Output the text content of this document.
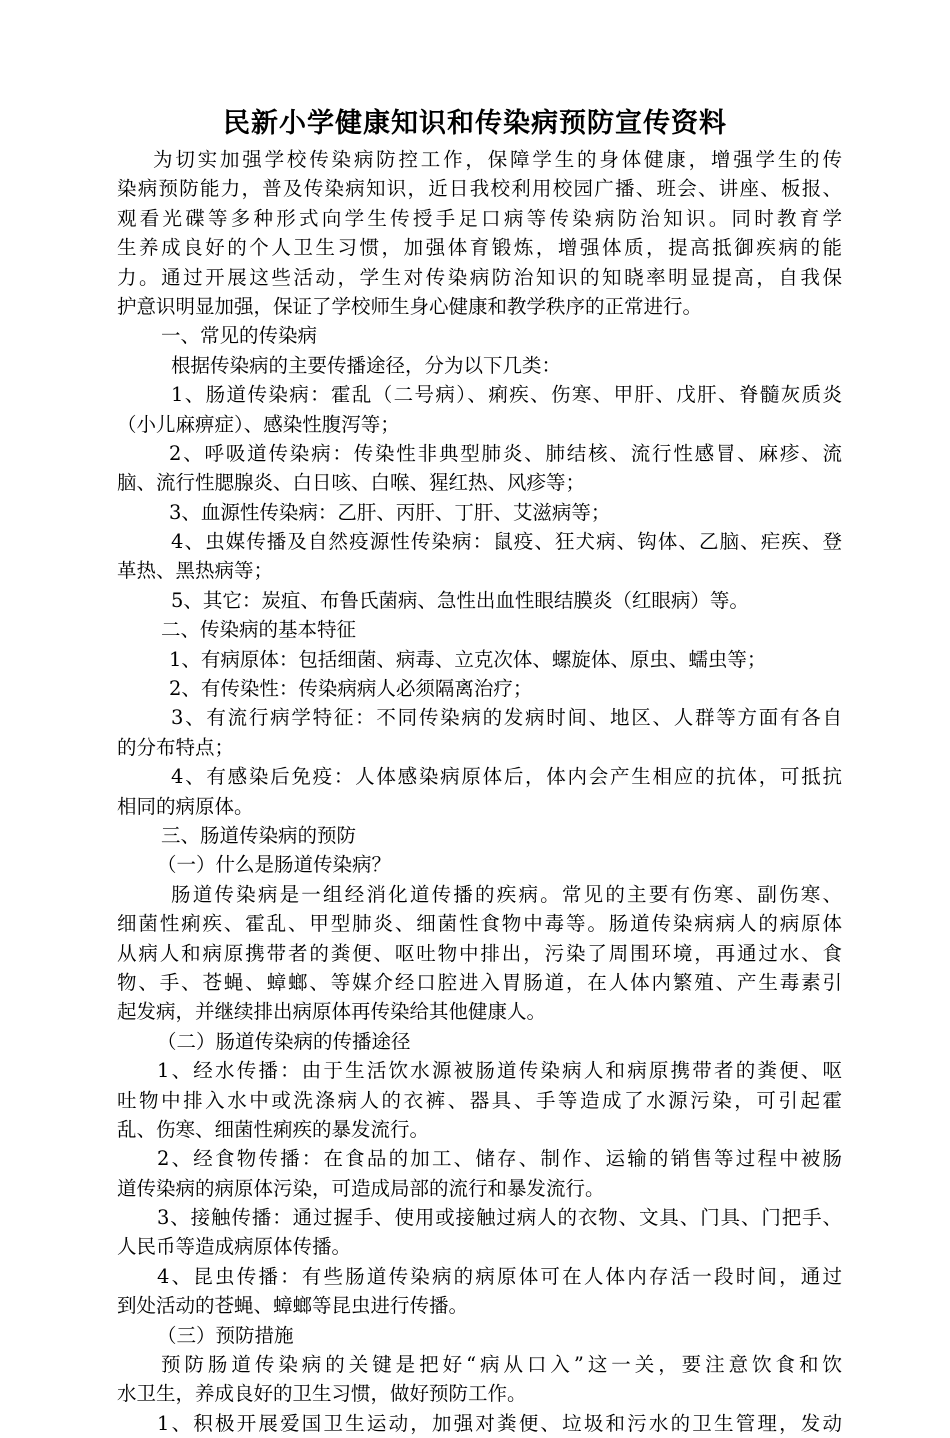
民新小学健康知识和传染病预防宣传资料
为切实加强学校传染病防控工作，保障学生的身体健康，增强学生的传
染病预防能力，普及传染病知识，近日我校利用校园广播、班会、讲座、板报、
观看光碟等多种形式向学生传授手足口病等传染病防治知识。同时教育学
生养成良好的个人卫生习惯，加强体育锻炼，增强体质，提高抵御疾病的能
力。通过开展这些活动，学生对传染病防治知识的知晓率明显提高，自我保
护意识明显加强，保证了学校师生身心健康和教学秩序的正常进行。
一、常见的传染病
根据传染病的主要传播途径，分为以下几类：
1、肠道传染病：霍乱（二号病）、痢疾、伤寒、甲肝、戊肝、脊髓灰质炎
（小儿麻痹症）、感染性腹泻等；
2、呼吸道传染病：传染性非典型肺炎、肺结核、流行性感冒、麻疹、流
脑、流行性腮腺炎、白日咳、白喉、猩红热、风疹等；
3、血源性传染病：乙肝、丙肝、丁肝、艾滋病等；
4、虫媒传播及自然疫源性传染病：鼠疫、狂犬病、钩体、乙脑、疟疾、登
革热、黑热病等；
5、其它：炭疽、布鲁氏菌病、急性出血性眼结膜炎（红眼病）等。
二、传染病的基本特征
1、有病原体：包括细菌、病毒、立克次体、螺旋体、原虫、蠕虫等；
2、有传染性：传染病病人必须隔离治疗；
3、有流行病学特征：不同传染病的发病时间、地区、人群等方面有各自
的分布特点；
4、有感染后免疫：人体感染病原体后，体内会产生相应的抗体，可抵抗
相同的病原体。
三、肠道传染病的预防
（一）什么是肠道传染病？
肠道传染病是一组经消化道传播的疾病。常见的主要有伤寒、副伤寒、
细菌性痢疾、霍乱、甲型肺炎、细菌性食物中毒等。肠道传染病病人的病原体
从病人和病原携带者的粪便、呕吐物中排出，污染了周围环境，再通过水、食
物、手、苍蝇、蟑螂、等媒介经口腔进入胃肠道，在人体内繁殖、产生毒素引
起发病，并继续排出病原体再传染给其他健康人。
（二）肠道传染病的传播途径
1、经水传播：由于生活饮水源被肠道传染病人和病原携带者的粪便、呕
吐物中排入水中或洗涤病人的衣裤、器具、手等造成了水源污染，可引起霍
乱、伤寒、细菌性痢疾的暴发流行。
2、经食物传播：在食品的加工、储存、制作、运输的销售等过程中被肠
道传染病的病原体污染，可造成局部的流行和暴发流行。
3、接触传播：通过握手、使用或接触过病人的衣物、文具、门具、门把手、
人民币等造成病原体传播。
4、昆虫传播：有些肠道传染病的病原体可在人体内存活一段时间，通过
到处活动的苍蝇、蟑螂等昆虫进行传播。
（三）预防措施
预防肠道传染病的关键是把好“病从口入”这一关，要注意饮食和饮
水卫生，养成良好的卫生习惯，做好预防工作。
1、积极开展爱国卫生运动，加强对粪便、垃圾和污水的卫生管理，发动
